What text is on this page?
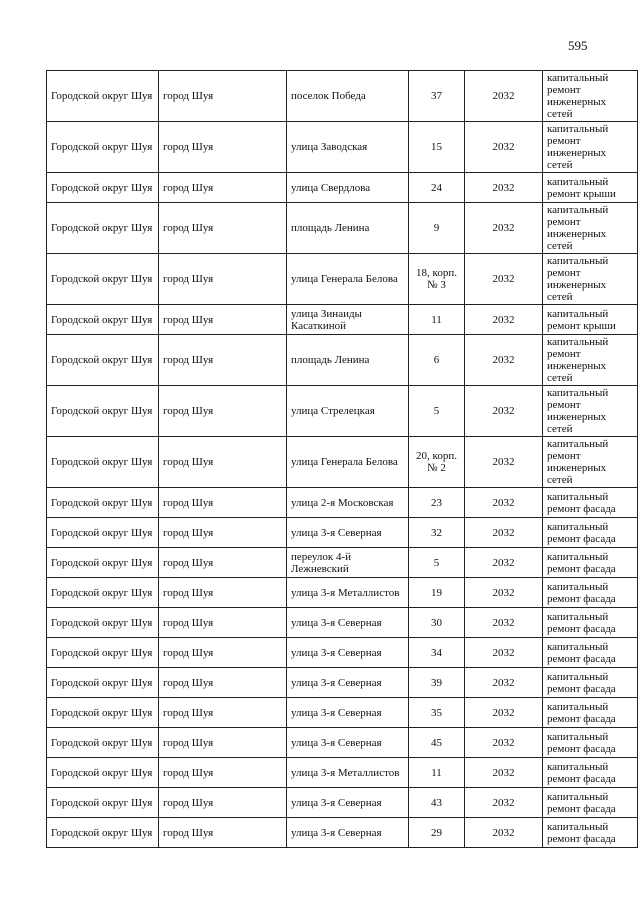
595
Городской округ Шуя	город Шуя	поселок Победа	37	2032	капитальный ремонт инженерных сетей
Городской округ Шуя	город Шуя	улица Заводская	15	2032	капитальный ремонт инженерных сетей
Городской округ Шуя	город Шуя	улица Свердлова	24	2032	капитальный ремонт крыши
Городской округ Шуя	город Шуя	площадь Ленина	9	2032	капитальный ремонт инженерных сетей
Городской округ Шуя	город Шуя	улица Генерала Белова	18, корп. № 3	2032	капитальный ремонт инженерных сетей
Городской округ Шуя	город Шуя	улица Зинаиды Касаткиной	11	2032	капитальный ремонт крыши
Городской округ Шуя	город Шуя	площадь Ленина	6	2032	капитальный ремонт инженерных сетей
Городской округ Шуя	город Шуя	улица Стрелецкая	5	2032	капитальный ремонт инженерных сетей
Городской округ Шуя	город Шуя	улица Генерала Белова	20, корп. № 2	2032	капитальный ремонт инженерных сетей
Городской округ Шуя	город Шуя	улица 2-я Московская	23	2032	капитальный ремонт фасада
Городской округ Шуя	город Шуя	улица 3-я Северная	32	2032	капитальный ремонт фасада
Городской округ Шуя	город Шуя	переулок 4-й Лежневский	5	2032	капитальный ремонт фасада
Городской округ Шуя	город Шуя	улица 3-я Металлистов	19	2032	капитальный ремонт фасада
Городской округ Шуя	город Шуя	улица 3-я Северная	30	2032	капитальный ремонт фасада
Городской округ Шуя	город Шуя	улица 3-я Северная	34	2032	капитальный ремонт фасада
Городской округ Шуя	город Шуя	улица 3-я Северная	39	2032	капитальный ремонт фасада
Городской округ Шуя	город Шуя	улица 3-я Северная	35	2032	капитальный ремонт фасада
Городской округ Шуя	город Шуя	улица 3-я Северная	45	2032	капитальный ремонт фасада
Городской округ Шуя	город Шуя	улица 3-я Металлистов	11	2032	капитальный ремонт фасада
Городской округ Шуя	город Шуя	улица 3-я Северная	43	2032	капитальный ремонт фасада
Городской округ Шуя	город Шуя	улица 3-я Северная	29	2032	капитальный ремонт фасада
